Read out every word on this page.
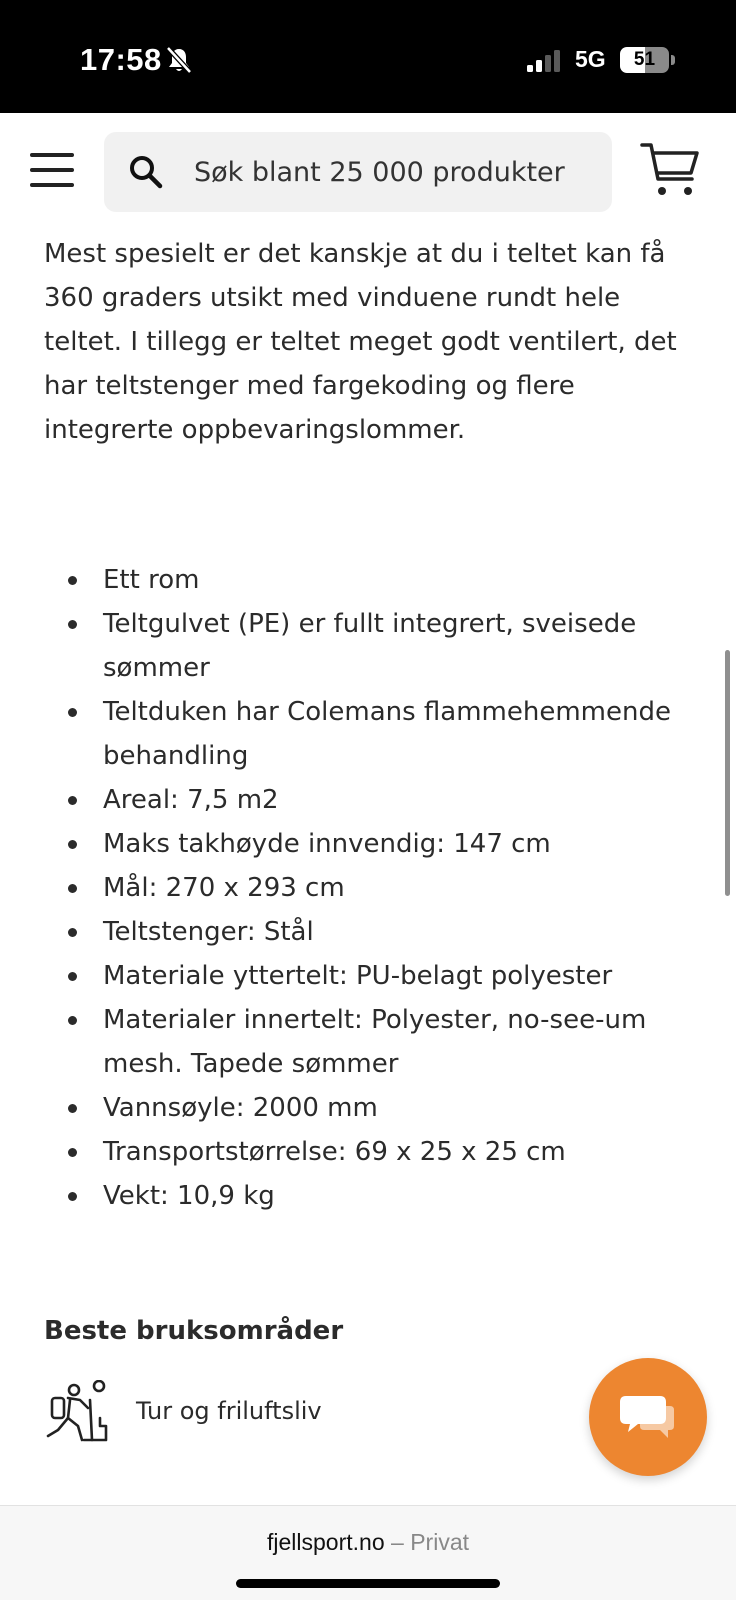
17:58	5G	51
Søk blant 25 000 produkter

Mest spesielt er det kanskje at du i teltet kan få 360 graders utsikt med vinduene rundt hele teltet. I tillegg er teltet meget godt ventilert, det har teltstenger med fargekoding og flere integrerte oppbevaringslommer.

Ett rom
Teltgulvet (PE) er fullt integrert, sveisede sømmer
Teltduken har Colemans flammehemmende behandling
Areal: 7,5 m2
Maks takhøyde innvendig: 147 cm
Mål: 270 x 293 cm
Teltstenger: Stål
Materiale yttertelt: PU-belagt polyester
Materialer innertelt: Polyester, no-see-um mesh. Tapede sømmer
Vannsøyle: 2000 mm
Transportstørrelse: 69 x 25 x 25 cm
Vekt: 10,9 kg
Beste bruksområder
Tur og friluftsliv
fjellsport.no – Privat
